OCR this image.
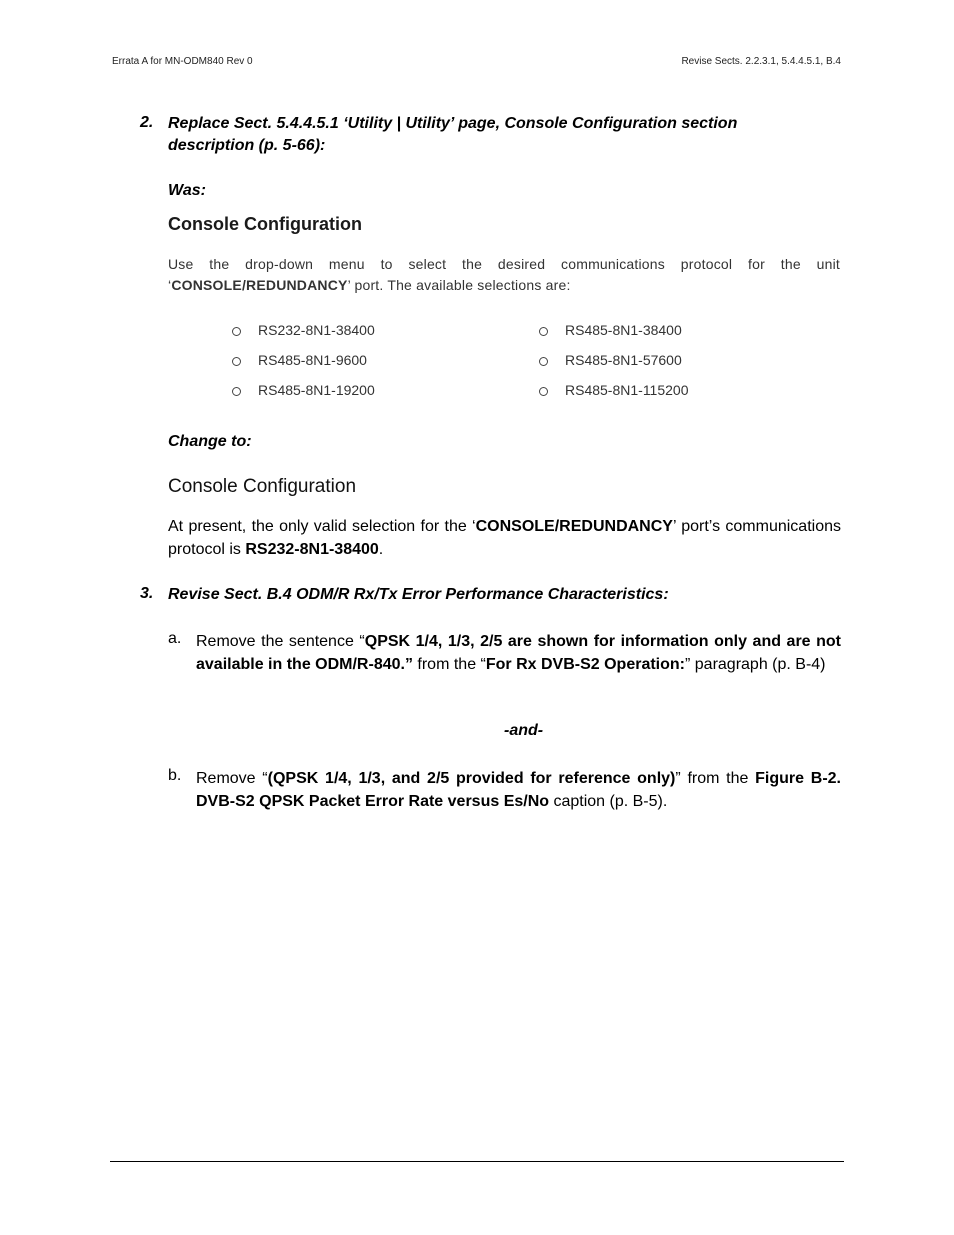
Errata A for MN-ODM840 Rev 0	Revise Sects. 2.2.3.1, 5.4.4.5.1, B.4
2. Replace Sect. 5.4.4.5.1 ‘Utility | Utility’ page, Console Configuration section
description (p. 5-66):
Was:
Console Configuration
Use the drop-down menu to select the desired communications protocol for the unit ‘CONSOLE/REDUNDANCY’ port. The available selections are:
RS232-8N1-38400
RS485-8N1-9600
RS485-8N1-19200
RS485-8N1-38400
RS485-8N1-57600
RS485-8N1-115200
Change to:
Console Configuration
At present, the only valid selection for the ‘CONSOLE/REDUNDANCY’ port’s communications protocol is RS232-8N1-38400.
3. Revise Sect. B.4 ODM/R Rx/Tx Error Performance Characteristics:
a. Remove the sentence “QPSK 1/4, 1/3, 2/5 are shown for information only and are not available in the ODM/R-840.” from the “For Rx DVB-S2 Operation:” paragraph (p. B-4)
-and-
b. Remove “(QPSK 1/4, 1/3, and 2/5 provided for reference only)” from the Figure B-2. DVB-S2 QPSK Packet Error Rate versus Es/No caption (p. B-5).
